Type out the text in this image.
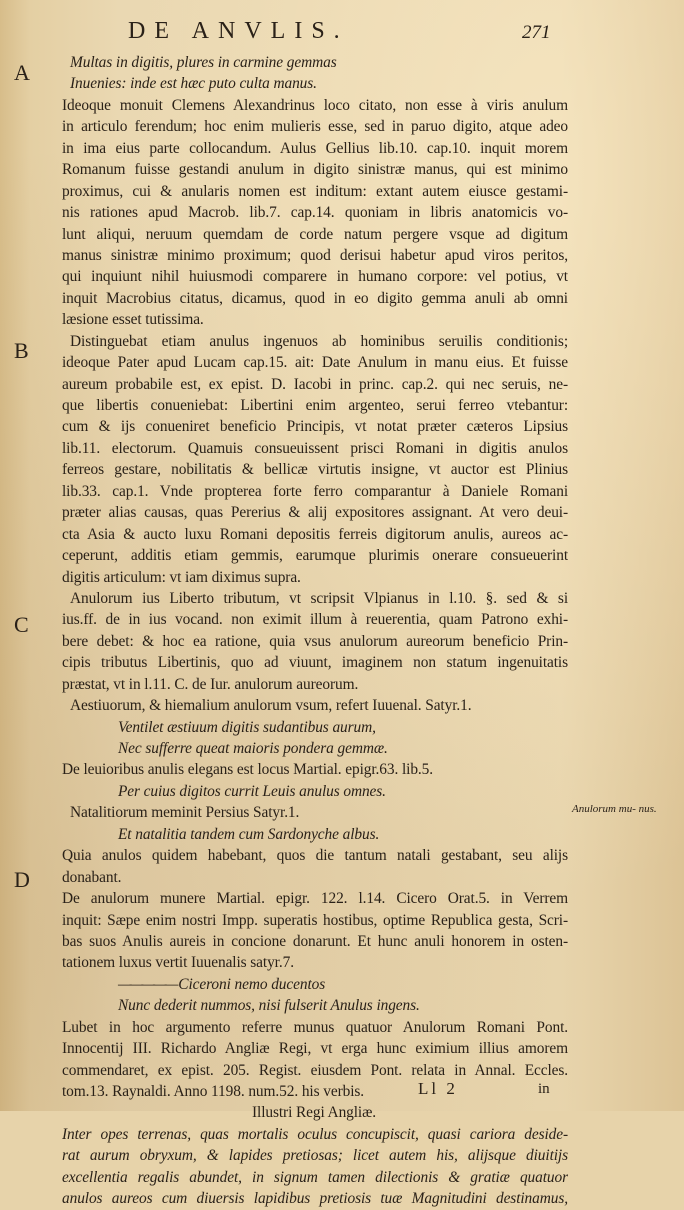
DE ANVLIS.	271
A
B
C
D
Multas in digitis, plures in carmine gemmas
Inuenies: inde est hæc puto culta manus.
Ideoque monuit Clemens Alexandrinus loco citato, non esse à viris anulum
in articulo ferendum; hoc enim mulieris esse, sed in paruo digito, atque adeo
in ima eius parte collocandum. Aulus Gellius lib.10. cap.10. inquit morem
Romanum fuisse gestandi anulum in digito sinistræ manus, qui est minimo
proximus, cui & anularis nomen est inditum: extant autem eiusce gestami-
nis rationes apud Macrob. lib.7. cap.14. quoniam in libris anatomicis vo-
lunt aliqui, neruum quemdam de corde natum pergere vsque ad digitum
manus sinistræ minimo proximum; quod derisui habetur apud viros peritos,
qui inquiunt nihil huiusmodi comparere in humano corpore: vel potius, vt
inquit Macrobius citatus, dicamus, quod in eo digito gemma anuli ab omni
læsione esset tutissima.
Distinguebat etiam anulus ingenuos ab hominibus seruilis conditionis;
ideoque Pater apud Lucam cap.15. ait: Date Anulum in manu eius. Et fuisse
aureum probabile est, ex epist. D. Iacobi in princ. cap.2. qui nec seruis, ne-
que libertis conueniebat: Libertini enim argenteo, serui ferreo vtebantur:
cum & ijs conueniret beneficio Principis, vt notat præter cæteros Lipsius
lib.11. electorum. Quamuis consueuissent prisci Romani in digitis anulos
ferreos gestare, nobilitatis & bellicæ virtutis insigne, vt auctor est Plinius
lib.33. cap.1. Vnde propterea forte ferro comparantur à Daniele Romani
præter alias causas, quas Pererius & alij expositores assignant. At vero deui-
cta Asia & aucto luxu Romani depositis ferreis digitorum anulis, aureos ac-
ceperunt, additis etiam gemmis, earumque plurimis onerare consueuerint
digitis articulum: vt iam diximus supra.
Anulorum ius Liberto tributum, vt scripsit Vlpianus in l.10. §. sed & si
ius.ff. de in ius vocand. non eximit illum à reuerentia, quam Patrono exhi-
bere debet: & hoc ea ratione, quia vsus anulorum aureorum beneficio Prin-
cipis tributus Libertinis, quo ad viuunt, imaginem non statum ingenuitatis
præstat, vt in l.11. C. de Iur. anulorum aureorum.
Aestiuorum, & hiemalium anulorum vsum, refert Iuuenal. Satyr.1.
Ventilet æstiuum digitis sudantibus aurum,
Nec sufferre queat maioris pondera gemmæ.
De leuioribus anulis elegans est locus Martial. epigr.63. lib.5.
Per cuius digitos currit Leuis anulus omnes.
Natalitiorum meminit Persius Satyr.1.
Et natalitia tandem cum Sardonyche albus.
Quia anulos quidem habebant, quos die tantum natali gestabant, seu alijs
donabant.
De anulorum munere Martial. epigr. 122. l.14. Cicero Orat.5. in Verrem
inquit: Sæpe enim nostri Impp. superatis hostibus, optime Republica gesta, Scri-
bas suos Anulis aureis in concione donarunt. Et hunc anuli honorem in osten-
tationem luxus vertit Iuuenalis satyr.7.
————— Ciceroni nemo ducentos
Nunc dederit nummos, nisi fulserit Anulus ingens.
Lubet in hoc argumento referre munus quatuor Anulorum Romani Pont.
Innocentij III. Richardo Angliæ Regi, vt erga hunc eximium illius amorem
commendaret, ex epist. 205. Regist. eiusdem Pont. relata in Annal. Eccles.
tom.13. Raynaldi. Anno 1198. num.52. his verbis.
Illustri Regi Angliæ.
Inter opes terrenas, quas mortalis oculus concupiscit, quasi cariora deside-
rat aurum obryxum, & lapides pretiosas; licet autem his, alijsque diuitijs
excellentia regalis abundet, in signum tamen dilectionis & gratiæ quatuor
anulos aureos cum diuersis lapidibus pretiosis tuæ Magnitudini destinamus,
Anulorum mu- nus.
Ll 2	in
